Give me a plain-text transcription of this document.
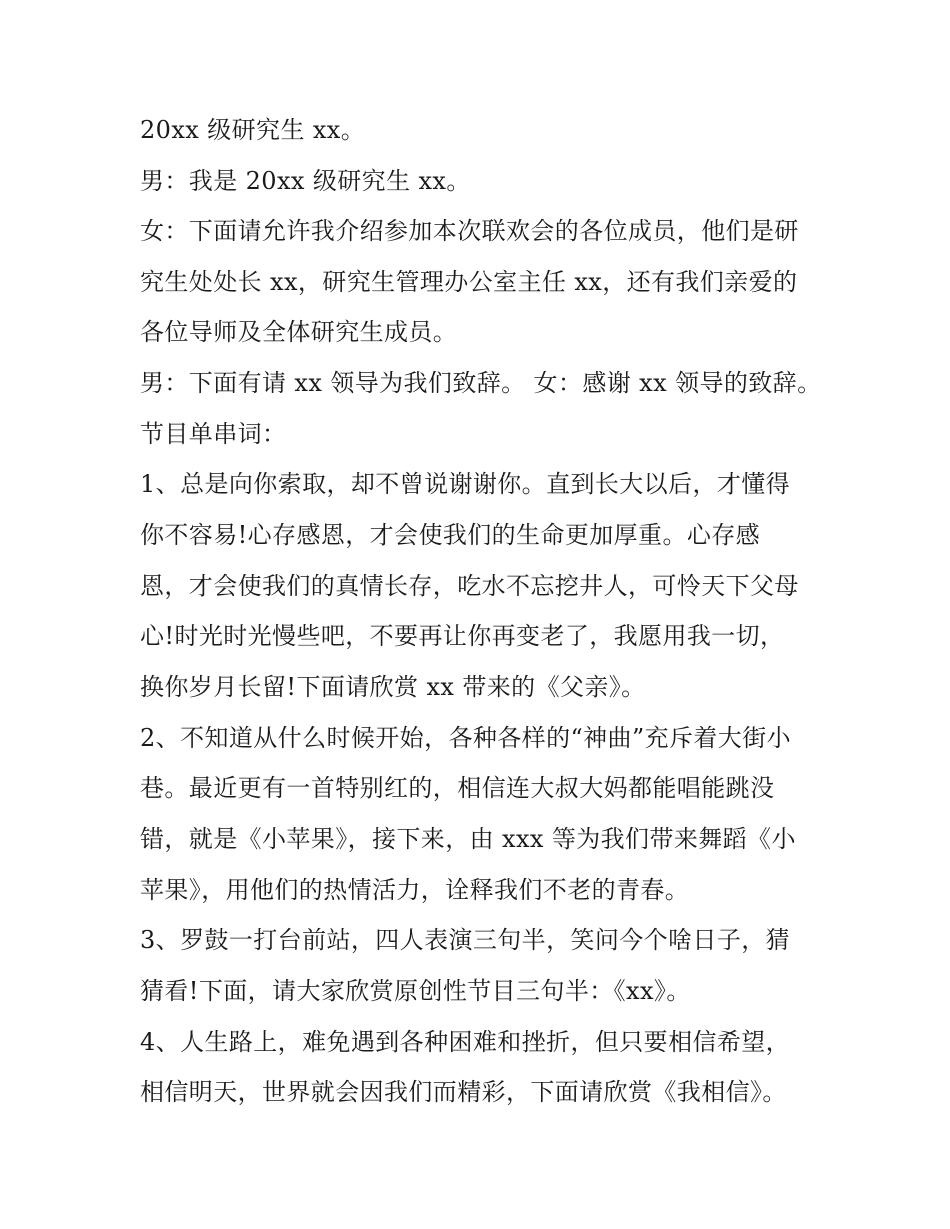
20xx 级研究生 xx。
男：我是 20xx 级研究生 xx。
女：下面请允许我介绍参加本次联欢会的各位成员，他们是研
究生处处长 xx，研究生管理办公室主任 xx，还有我们亲爱的
各位导师及全体研究生成员。
男：下面有请 xx 领导为我们致辞。 女：感谢 xx 领导的致辞。
节目单串词：
1、总是向你索取，却不曾说谢谢你。直到长大以后，才懂得
你不容易!心存感恩，才会使我们的生命更加厚重。心存感
恩，才会使我们的真情长存，吃水不忘挖井人，可怜天下父母
心!时光时光慢些吧，不要再让你再变老了，我愿用我一切，
换你岁月长留!下面请欣赏 xx 带来的《父亲》。
2、不知道从什么时候开始，各种各样的“神曲”充斥着大街小
巷。最近更有一首特别红的，相信连大叔大妈都能唱能跳没
错，就是《小苹果》，接下来，由 xxx 等为我们带来舞蹈《小
苹果》，用他们的热情活力，诠释我们不老的青春。
3、罗鼓一打台前站，四人表演三句半，笑问今个啥日子，猜
猜看!下面，请大家欣赏原创性节目三句半：《xx》。
4、人生路上，难免遇到各种困难和挫折，但只要相信希望，
相信明天，世界就会因我们而精彩，下面请欣赏《我相信》。
